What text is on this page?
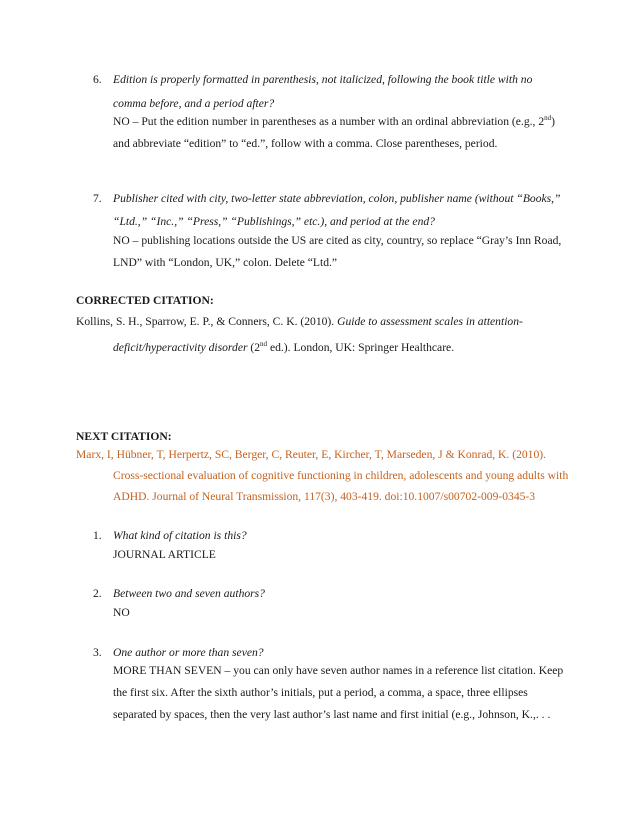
6. Edition is properly formatted in parenthesis, not italicized, following the book title with no
comma before, and a period after?
NO – Put the edition number in parentheses as a number with an ordinal abbreviation (e.g., 2nd)
and abbreviate “edition” to “ed.”, follow with a comma. Close parentheses, period.
7. Publisher cited with city, two-letter state abbreviation, colon, publisher name (without “Books,”
“Ltd.,” “Inc.,” “Press,” “Publishings,” etc.), and period at the end?
NO – publishing locations outside the US are cited as city, country, so replace “Gray’s Inn Road,
LND” with “London, UK,” colon. Delete “Ltd.”
CORRECTED CITATION:
Kollins, S. H., Sparrow, E. P., & Conners, C. K. (2010). Guide to assessment scales in attention-
deficit/hyperactivity disorder (2nd ed.). London, UK: Springer Healthcare.
NEXT CITATION:
Marx, I, Hübner, T, Herpertz, SC, Berger, C, Reuter, E, Kircher, T, Marseden, J & Konrad, K. (2010).
Cross-sectional evaluation of cognitive functioning in children, adolescents and young adults with
ADHD. Journal of Neural Transmission, 117(3), 403-419. doi:10.1007/s00702-009-0345-3
1. What kind of citation is this?
JOURNAL ARTICLE
2. Between two and seven authors?
NO
3. One author or more than seven?
MORE THAN SEVEN – you can only have seven author names in a reference list citation. Keep
the first six. After the sixth author’s initials, put a period, a comma, a space, three ellipses
separated by spaces, then the very last author’s last name and first initial (e.g., Johnson, K.,. . .
